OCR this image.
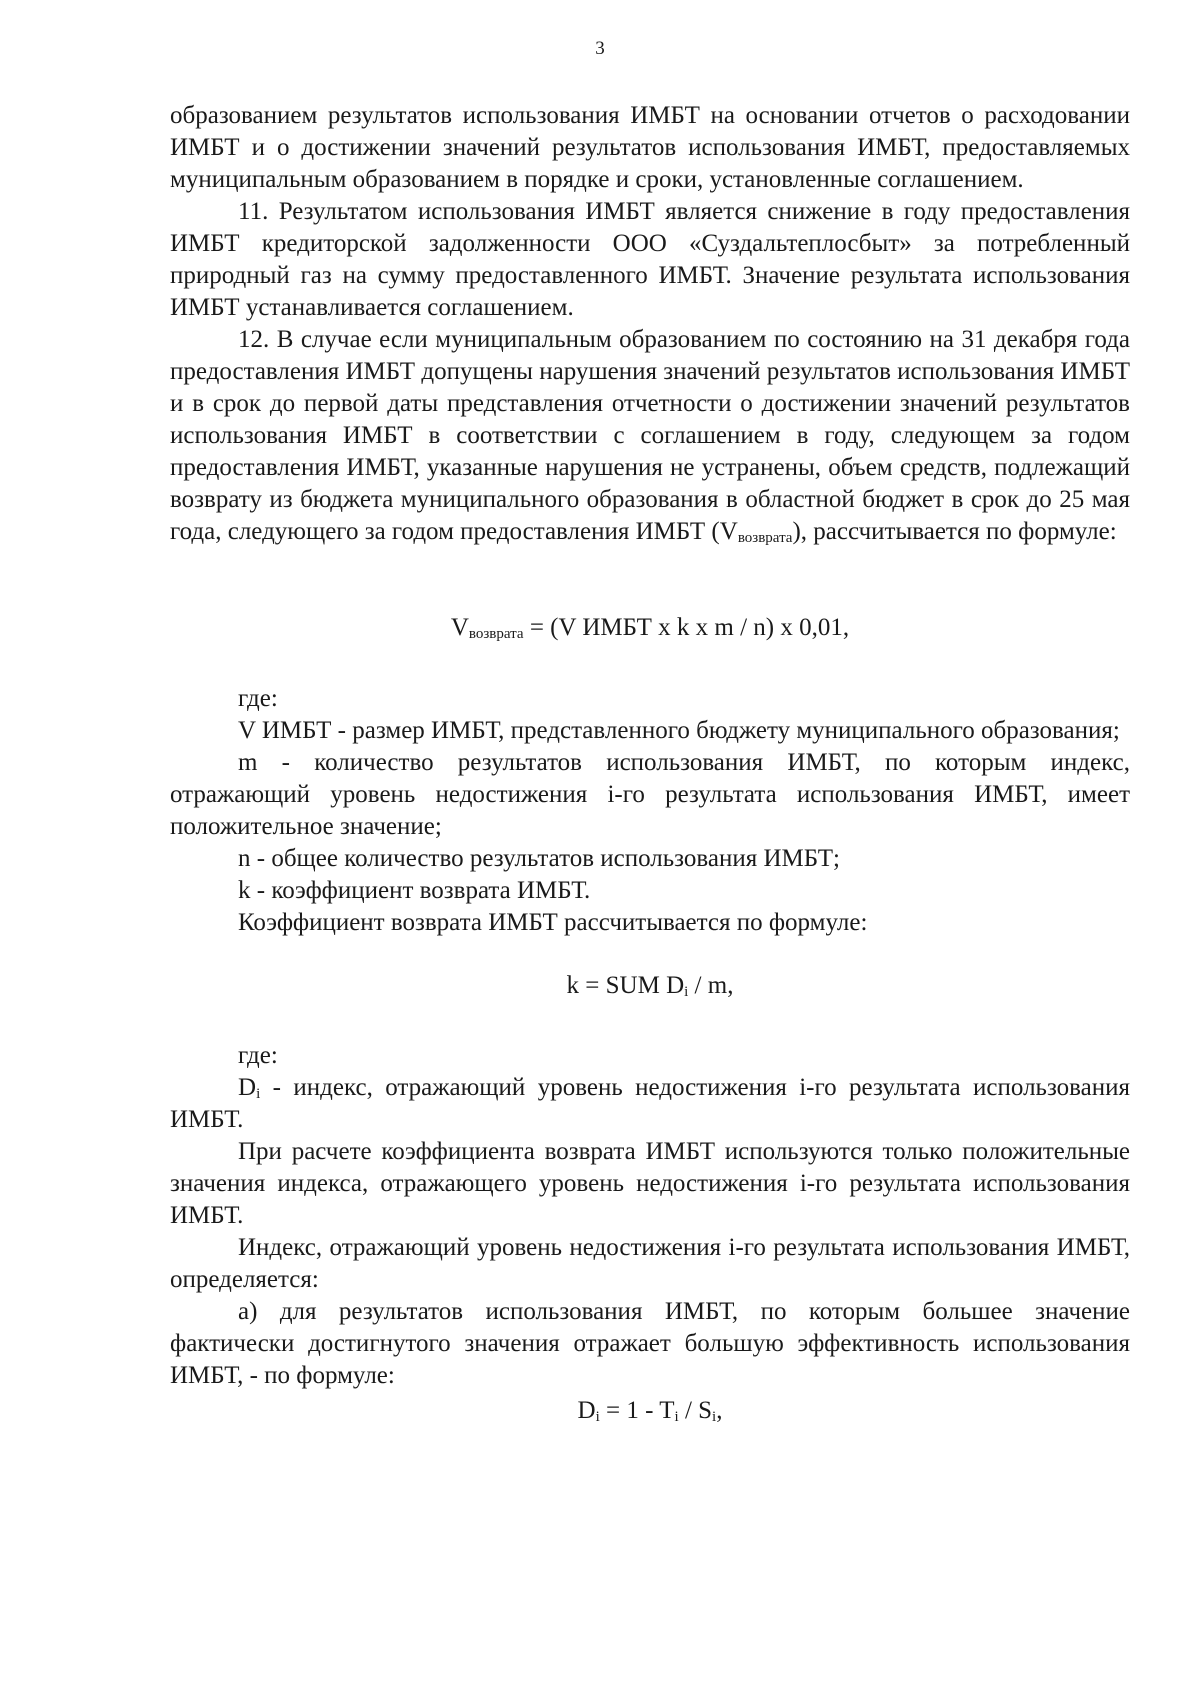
3

образованием результатов использования ИМБТ на основании отчетов о расходовании ИМБТ и о достижении значений результатов использования ИМБТ, предоставляемых муниципальным образованием в порядке и сроки, установленные соглашением.

11. Результатом использования ИМБТ является снижение в году предоставления ИМБТ кредиторской задолженности ООО «Суздальтеплосбыт» за потребленный природный газ на сумму предоставленного ИМБТ. Значение результата использования ИМБТ устанавливается соглашением.

12. В случае если муниципальным образованием по состоянию на 31 декабря года предоставления ИМБТ допущены нарушения значений результатов использования ИМБТ и в срок до первой даты представления отчетности о достижении значений результатов использования ИМБТ в соответствии с соглашением в году, следующем за годом предоставления ИМБТ, указанные нарушения не устранены, объем средств, подлежащий возврату из бюджета муниципального образования в областной бюджет в срок до 25 мая года, следующего за годом предоставления ИМБТ $(V_{возврата})$, рассчитывается по формуле:

$V_{возврата} = (V$ ИМБТ x k x m / n) x 0,01,

где:

V ИМБТ - размер ИМБТ, представленного бюджету муниципального образования;

m - количество результатов использования ИМБТ, по которым индекс, отражающий уровень недостижения i-го результата использования ИМБТ, имеет положительное значение;

n - общее количество результатов использования ИМБТ;

k - коэффициент возврата ИМБТ.

Коэффициент возврата ИМБТ рассчитывается по формуле:

k = SUM $D_i$ / m,

где:

$D_i$ - индекс, отражающий уровень недостижения i-го результата использования ИМБТ.

При расчете коэффициента возврата ИМБТ используются только положительные значения индекса, отражающего уровень недостижения i-го результата использования ИМБТ.

Индекс, отражающий уровень недостижения i-го результата использования ИМБТ, определяется:

а) для результатов использования ИМБТ, по которым большее значение фактически достигнутого значения отражает большую эффективность использования ИМБТ, - по формуле:

$D_i = 1 - T_i / S_i$,
